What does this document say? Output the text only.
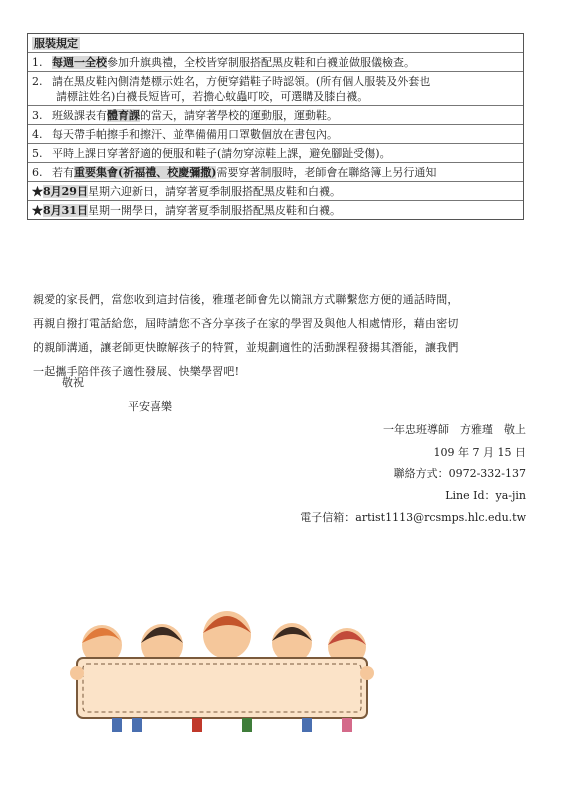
服裝規定
1. 每週一全校參加升旗典禮，全校皆穿制服搭配黑皮鞋和白襪並做服儀檢查。
2. 請在黑皮鞋內側清楚標示姓名，方便穿錯鞋子時認領。(所有個人服裝及外套也
請標註姓名)白襪長短皆可，若擔心蚊蟲叮咬，可選購及膝白襪。
3. 班級課表有體育課的當天，請穿著學校的運動服，運動鞋。
4. 每天帶手帕擦手和擦汗、並準備備用口罩數個放在書包內。
5. 平時上課日穿著舒適的便服和鞋子(請勿穿涼鞋上課，避免腳趾受傷)。
6. 若有重要集會(祈福禮、校慶彌撒)需要穿著制服時，老師會在聯絡簿上另行通知
★8月29日星期六迎新日，請穿著夏季制服搭配黑皮鞋和白襪。
★8月31日星期一開學日，請穿著夏季制服搭配黑皮鞋和白襪。

親愛的家長們，當您收到這封信後，雅瑾老師會先以簡訊方式聯繫您方便的通話時間，

再親自撥打電話給您，屆時請您不吝分享孩子在家的學習及與他人相處情形，藉由密切

的親師溝通，讓老師更快瞭解孩子的特質，並規劃適性的活動課程發揚其潛能，讓我們

一起攜手陪伴孩子適性發展、快樂學習吧!

敬祝
平安喜樂
一年忠班導師　方雅瑾　敬上
109 年 7 月 15 日
聯絡方式：0972-332-137
Line Id：ya-jin
電子信箱：artist1113@rcsmps.hlc.edu.tw
